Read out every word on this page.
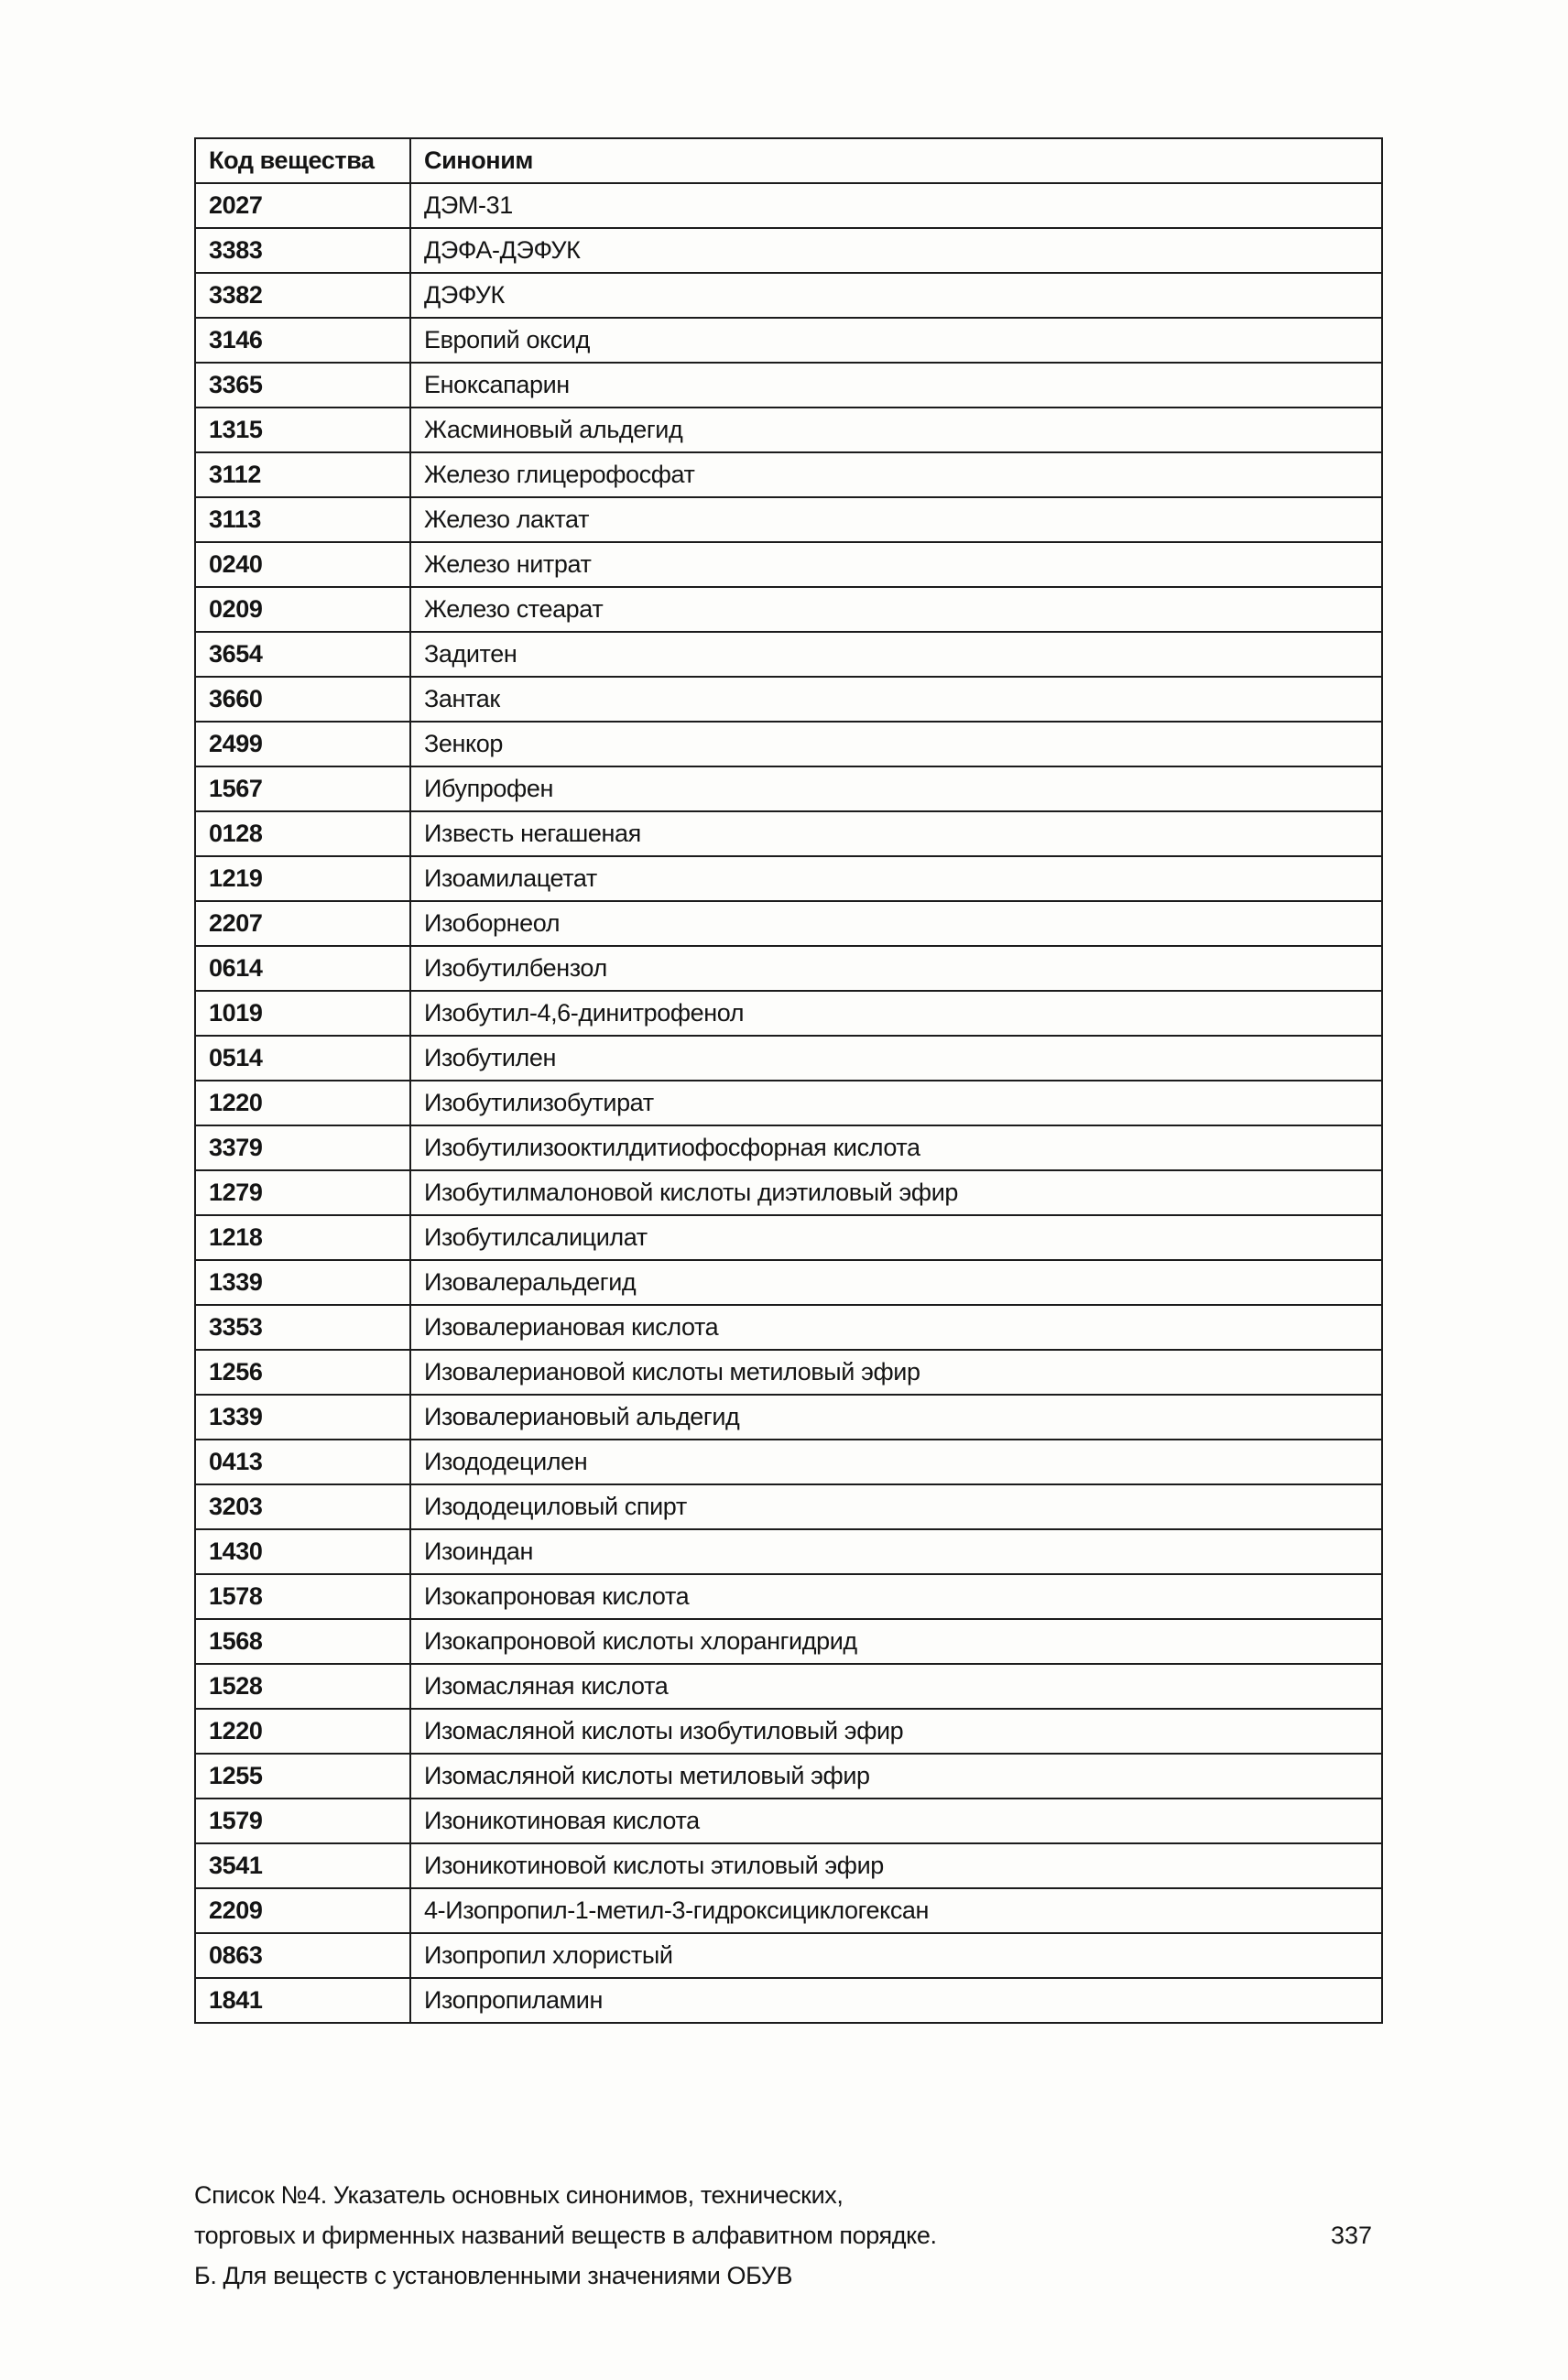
Код вещества	Синоним
2027	ДЭМ-31
3383	ДЭФА-ДЭФУК
3382	ДЭФУК
3146	Европий оксид
3365	Еноксапарин
1315	Жасминовый альдегид
3112	Железо глицерофосфат
3113	Железо лактат
0240	Железо нитрат
0209	Железо стеарат
3654	Задитен
3660	Зантак
2499	Зенкор
1567	Ибупрофен
0128	Известь негашеная
1219	Изоамилацетат
2207	Изоборнеол
0614	Изобутилбензол
1019	Изобутил-4,6-динитрофенол
0514	Изобутилен
1220	Изобутилизобутират
3379	Изобутилизооктилдитиофосфорная кислота
1279	Изобутилмалоновой кислоты диэтиловый эфир
1218	Изобутилсалицилат
1339	Изовалеральдегид
3353	Изовалериановая кислота
1256	Изовалериановой кислоты метиловый эфир
1339	Изовалериановый альдегид
0413	Изододецилен
3203	Изододециловый спирт
1430	Изоиндан
1578	Изокапроновая кислота
1568	Изокапроновой кислоты хлорангидрид
1528	Изомасляная кислота
1220	Изомасляной кислоты изобутиловый эфир
1255	Изомасляной кислоты метиловый эфир
1579	Изоникотиновая кислота
3541	Изоникотиновой кислоты этиловый эфир
2209	4-Изопропил-1-метил-3-гидроксициклогексан
0863	Изопропил хлористый
1841	Изопропиламин
Список №4. Указатель основных синонимов, технических,
торговых и фирменных названий веществ в алфавитном порядке.
Б. Для веществ с установленными значениями ОБУВ
337
